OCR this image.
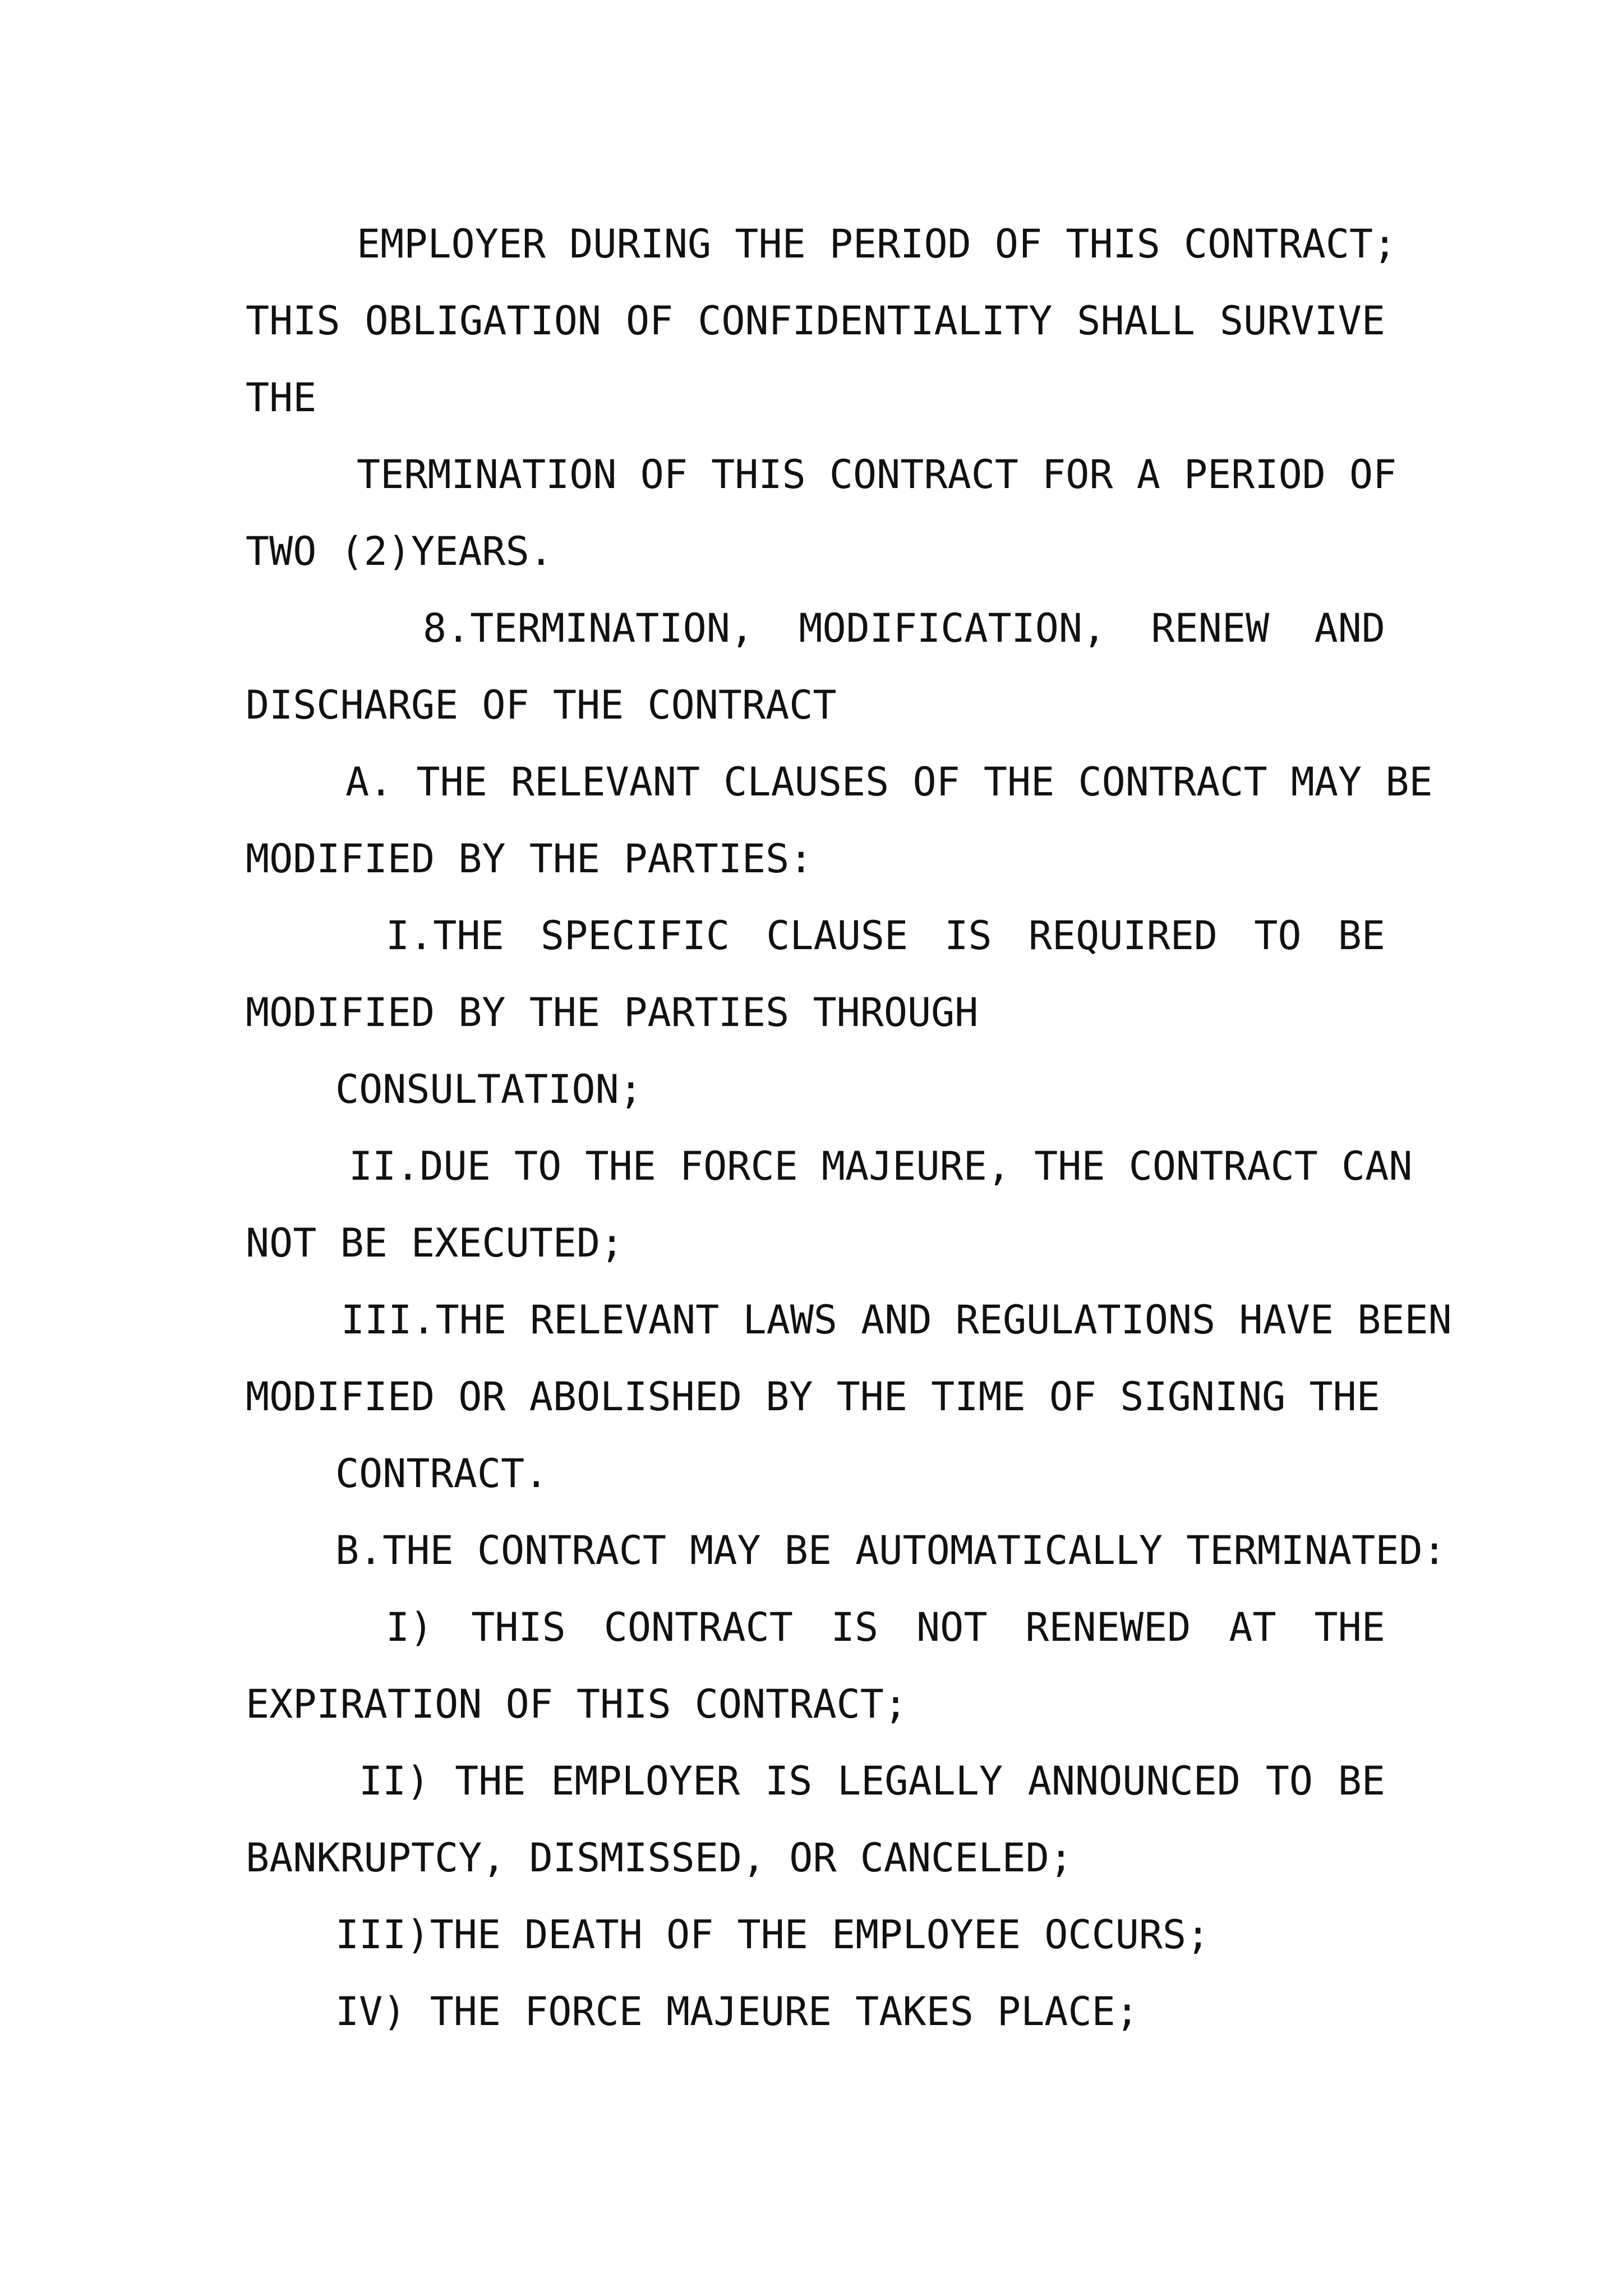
EMPLOYER DURING THE PERIOD OF THIS CONTRACT;
THIS OBLIGATION OF CONFIDENTIALITY SHALL SURVIVE
THE
TERMINATION OF THIS CONTRACT FOR A PERIOD OF
TWO (2)YEARS.
8.TERMINATION, MODIFICATION, RENEW AND
DISCHARGE OF THE CONTRACT
A. THE RELEVANT CLAUSES OF THE CONTRACT MAY BE
MODIFIED BY THE PARTIES:
I.THE SPECIFIC CLAUSE IS REQUIRED TO BE
MODIFIED BY THE PARTIES THROUGH
CONSULTATION;
II.DUE TO THE FORCE MAJEURE, THE CONTRACT CAN
NOT BE EXECUTED;
III.THE RELEVANT LAWS AND REGULATIONS HAVE BEEN
MODIFIED OR ABOLISHED BY THE TIME OF SIGNING THE
CONTRACT.
B.THE CONTRACT MAY BE AUTOMATICALLY TERMINATED:
I) THIS CONTRACT IS NOT RENEWED AT THE
EXPIRATION OF THIS CONTRACT;
II) THE EMPLOYER IS LEGALLY ANNOUNCED TO BE
BANKRUPTCY, DISMISSED, OR CANCELED;
III)THE DEATH OF THE EMPLOYEE OCCURS;
IV) THE FORCE MAJEURE TAKES PLACE;
